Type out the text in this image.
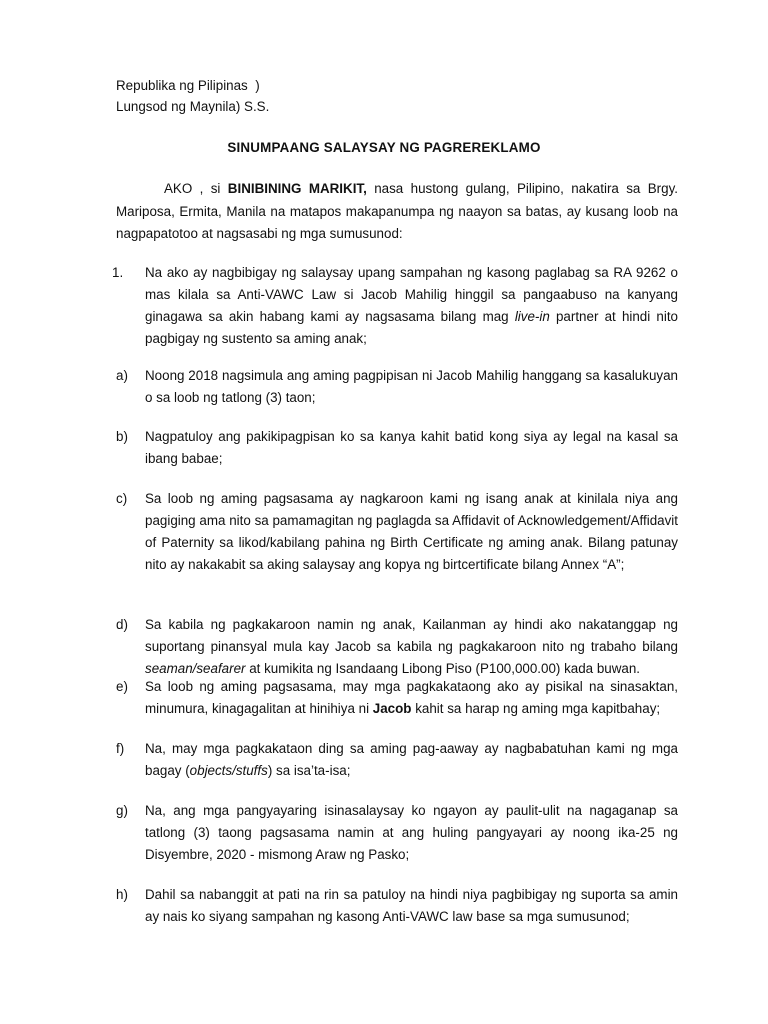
Republika ng Pilipinas  )
Lungsod ng Maynila) S.S.
SINUMPAANG SALAYSAY NG PAGREREKLAMO

AKO , si BINIBINING MARIKIT, nasa hustong gulang, Pilipino, nakatira sa Brgy. Mariposa, Ermita, Manila na matapos makapanumpa ng naayon sa batas, ay kusang loob na nagpapatotoo at nagsasabi ng mga sumusunod:

1. Na ako ay nagbibigay ng salaysay upang sampahan ng kasong paglabag sa RA 9262 o mas kilala sa Anti-VAWC Law si Jacob Mahilig hinggil sa pangaabuso na kanyang ginagawa sa akin habang kami ay nagsasama bilang mag live-in partner at hindi nito pagbigay ng sustento sa aming anak;

a) Noong 2018 nagsimula ang aming pagpipisan ni Jacob Mahilig hanggang sa kasalukuyan o sa loob ng tatlong (3) taon;

b) Nagpatuloy ang pakikipagpisan ko sa kanya kahit batid kong siya ay legal na kasal sa ibang babae;

c) Sa loob ng aming pagsasama ay nagkaroon kami ng isang anak at kinilala niya ang pagiging ama nito sa pamamagitan ng paglagda sa Affidavit of Acknowledgement/Affidavit of Paternity sa likod/kabilang pahina ng Birth Certificate ng aming anak. Bilang patunay nito ay nakakabit sa aking salaysay ang kopya ng birtcertificate bilang Annex “A”;

d) Sa kabila ng pagkakaroon namin ng anak, Kailanman ay hindi ako nakatanggap ng suportang pinansyal mula kay Jacob sa kabila ng pagkakaroon nito ng trabaho bilang seaman/seafarer at kumikita ng Isandaang Libong Piso (P100,000.00) kada buwan.

e) Sa loob ng aming pagsasama, may mga pagkakataong ako ay pisikal na sinasaktan, minumura, kinagagalitan at hinihiya ni Jacob kahit sa harap ng aming mga kapitbahay;

f) Na, may mga pagkakataon ding sa aming pag-aaway ay nagbabatuhan kami ng mga bagay (objects/stuffs) sa isa’ta-isa;

g) Na, ang mga pangyayaring isinasalaysay ko ngayon ay paulit-ulit na nagaganap sa tatlong (3) taong pagsasama namin at ang huling pangyayari ay noong ika-25 ng Disyembre, 2020 - mismong Araw ng Pasko;

h) Dahil sa nabanggit at pati na rin sa patuloy na hindi niya pagbibigay ng suporta sa amin ay nais ko siyang sampahan ng kasong Anti-VAWC law base sa mga sumusunod;
